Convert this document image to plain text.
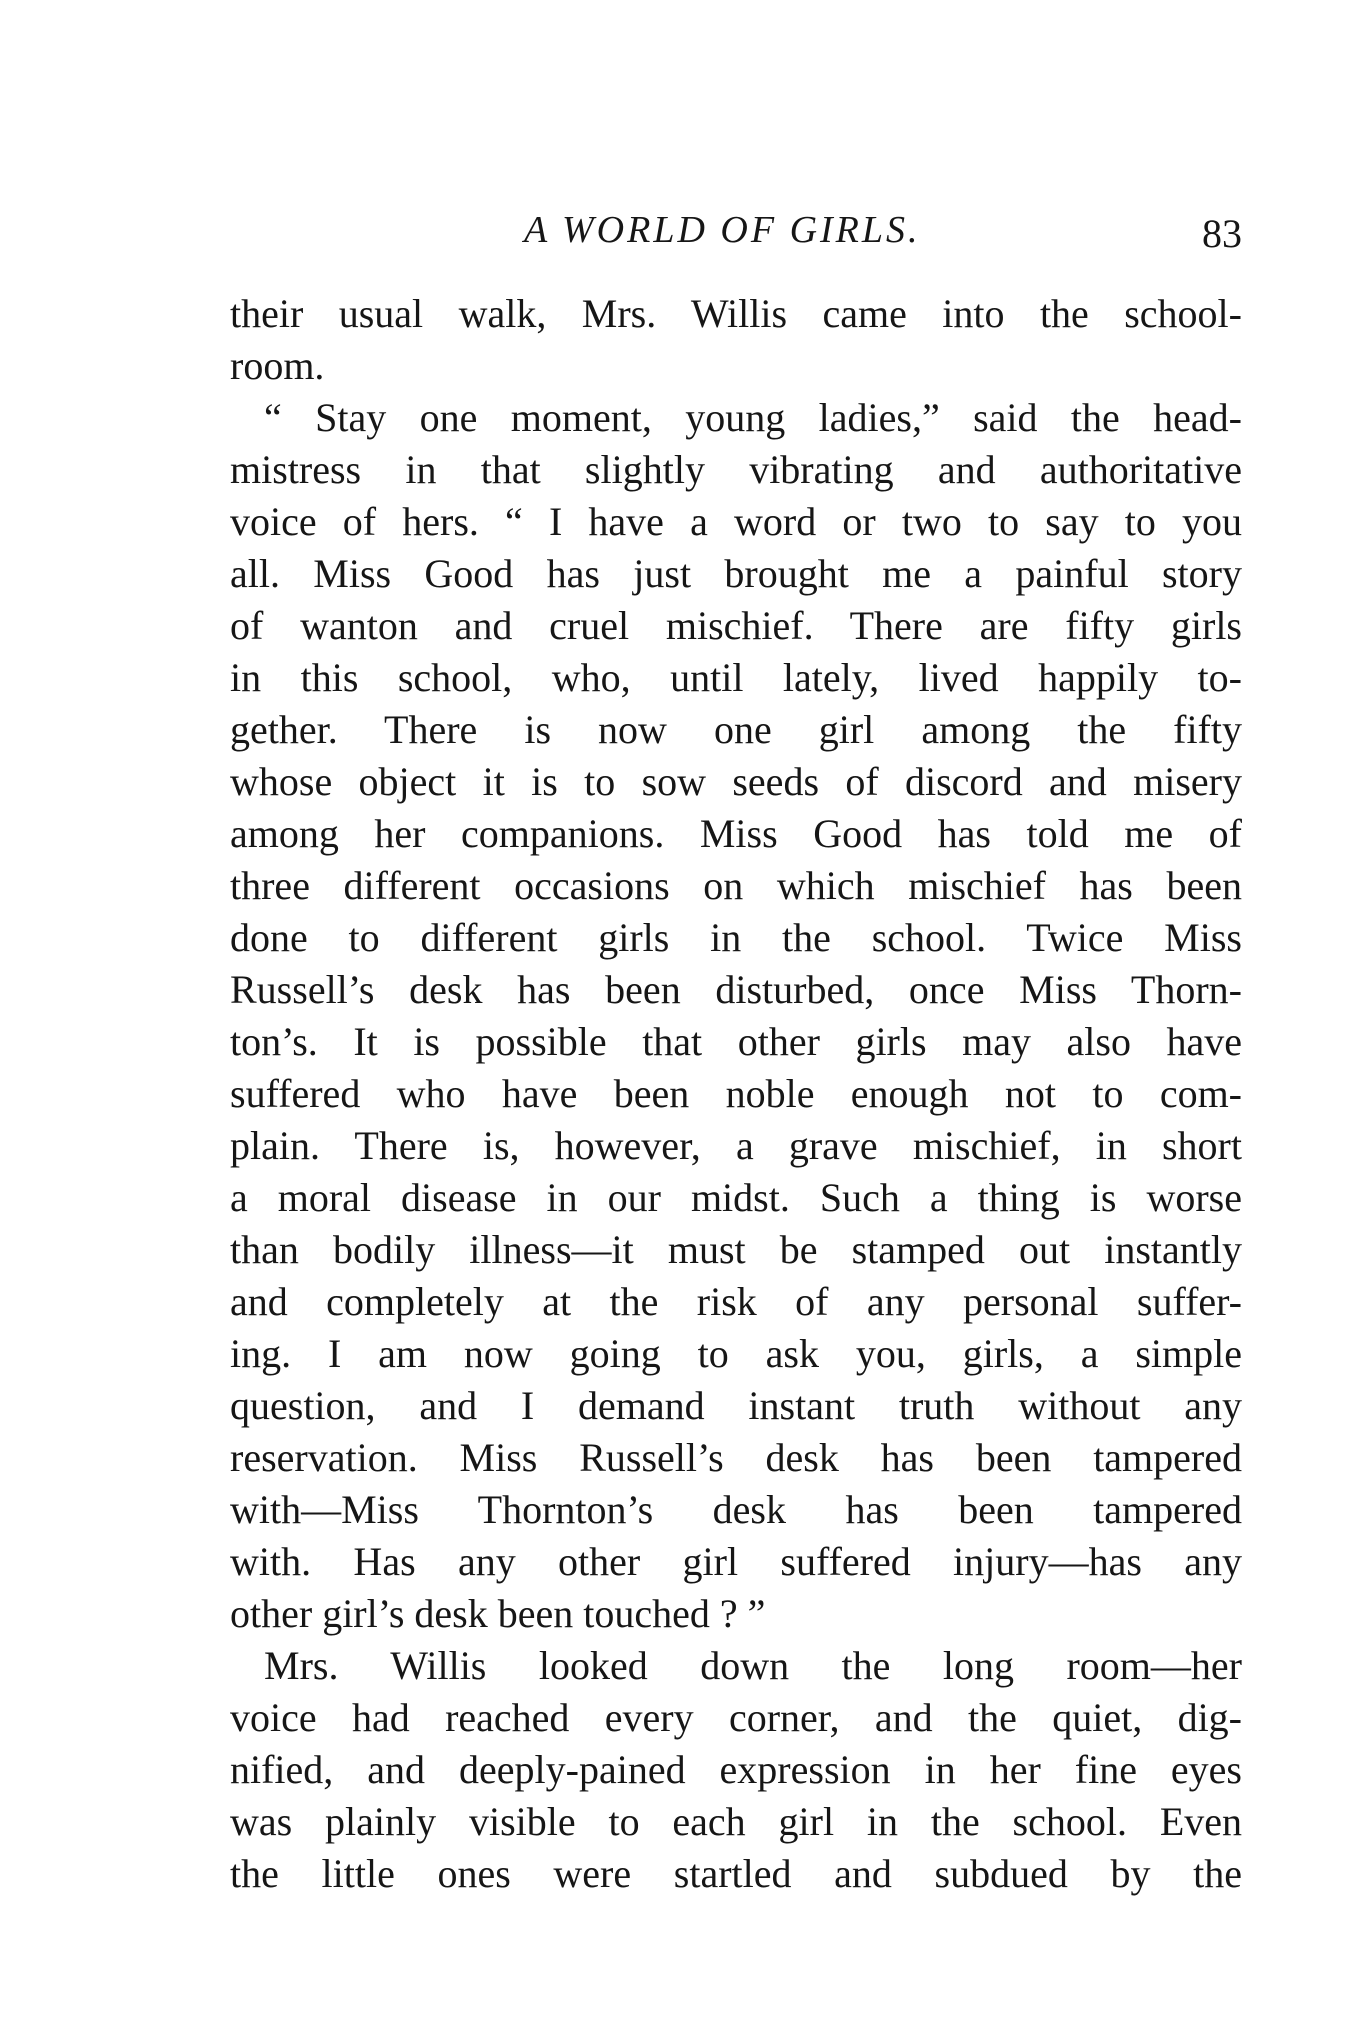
A WORLD OF GIRLS.	83
their usual walk, Mrs. Willis came into the school-
room.
“ Stay one moment, young ladies,” said the head-
mistress in that slightly vibrating and authoritative
voice of hers. “ I have a word or two to say to you
all. Miss Good has just brought me a painful story
of wanton and cruel mischief. There are fifty girls
in this school, who, until lately, lived happily to-
gether. There is now one girl among the fifty
whose object it is to sow seeds of discord and misery
among her companions. Miss Good has told me of
three different occasions on which mischief has been
done to different girls in the school. Twice Miss
Russell’s desk has been disturbed, once Miss Thorn-
ton’s. It is possible that other girls may also have
suffered who have been noble enough not to com-
plain. There is, however, a grave mischief, in short
a moral disease in our midst. Such a thing is worse
than bodily illness—it must be stamped out instantly
and completely at the risk of any personal suffer-
ing. I am now going to ask you, girls, a simple
question, and I demand instant truth without any
reservation. Miss Russell’s desk has been tampered
with—Miss Thornton’s desk has been tampered
with. Has any other girl suffered injury—has any
other girl’s desk been touched ? ”
Mrs. Willis looked down the long room—her
voice had reached every corner, and the quiet, dig-
nified, and deeply-pained expression in her fine eyes
was plainly visible to each girl in the school. Even
the little ones were startled and subdued by the
